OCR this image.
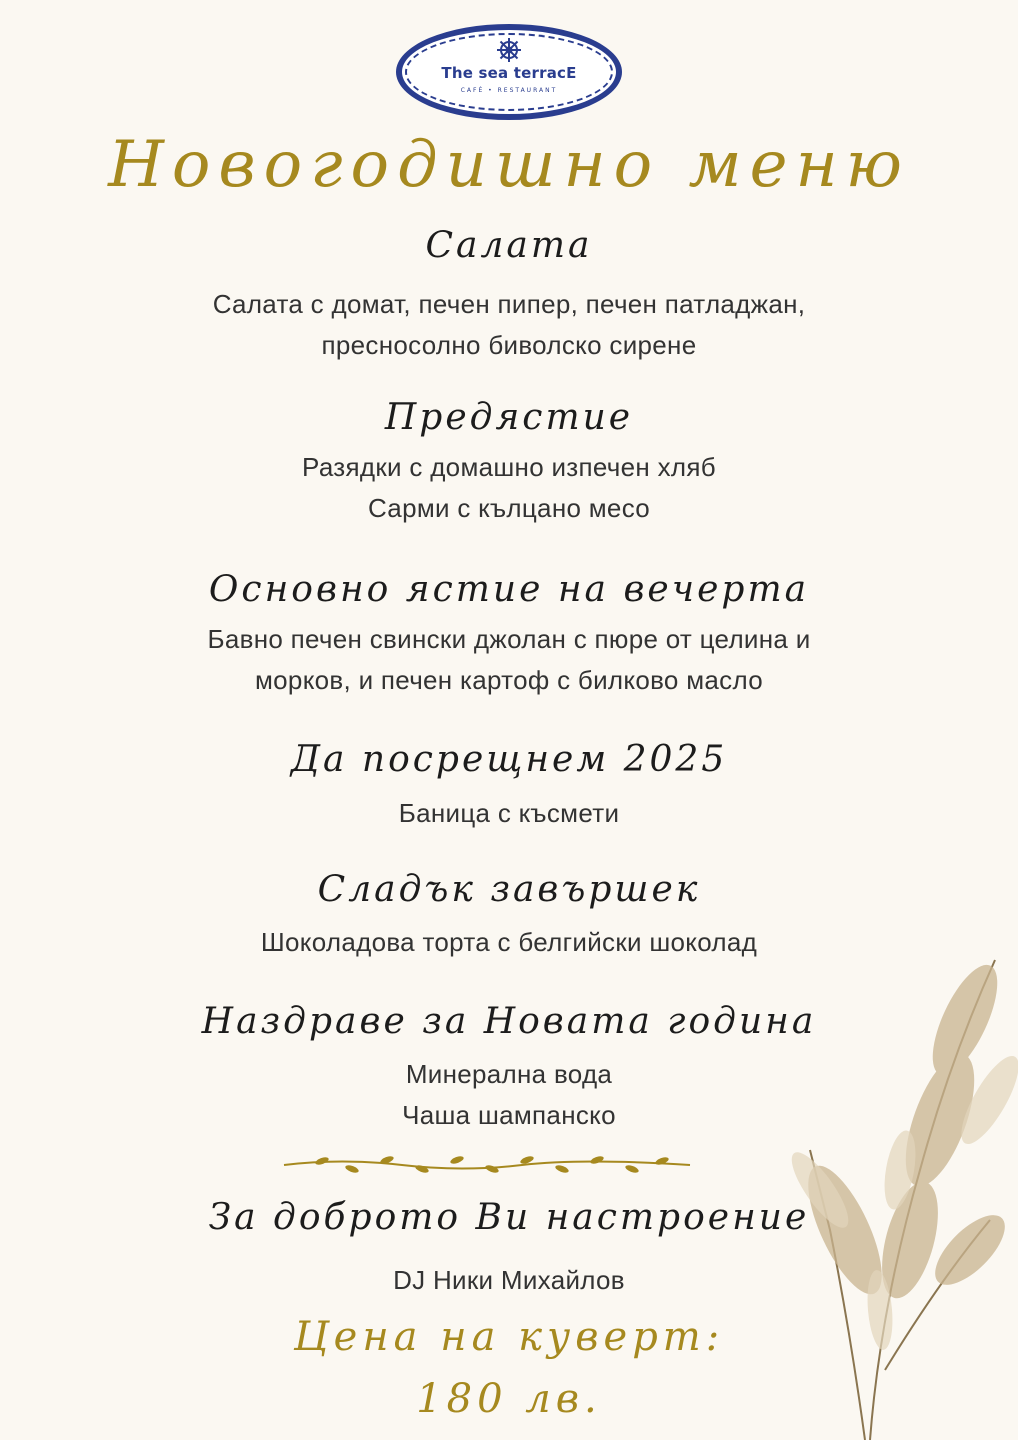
The sea terracE
CAFÉ • RESTAURANT
Новогодишно меню
Салата
Салата с домат, печен пипер, печен патладжан,
пресносолно биволско сирене
Предястие
Разядки с домашно изпечен хляб
Сарми с кълцано месо
Основно ястие на вечерта
Бавно печен свински джолан с пюре от целина и
морков, и печен картоф с билково масло
Да посрещнем 2025
Баница с късмети
Сладък завършек
Шоколадова торта с белгийски шоколад
Наздраве за Новата година
Минерална вода
Чаша шампанско
За доброто Ви настроение
DJ Ники Михайлов
Цена на куверт:
180 лв.
